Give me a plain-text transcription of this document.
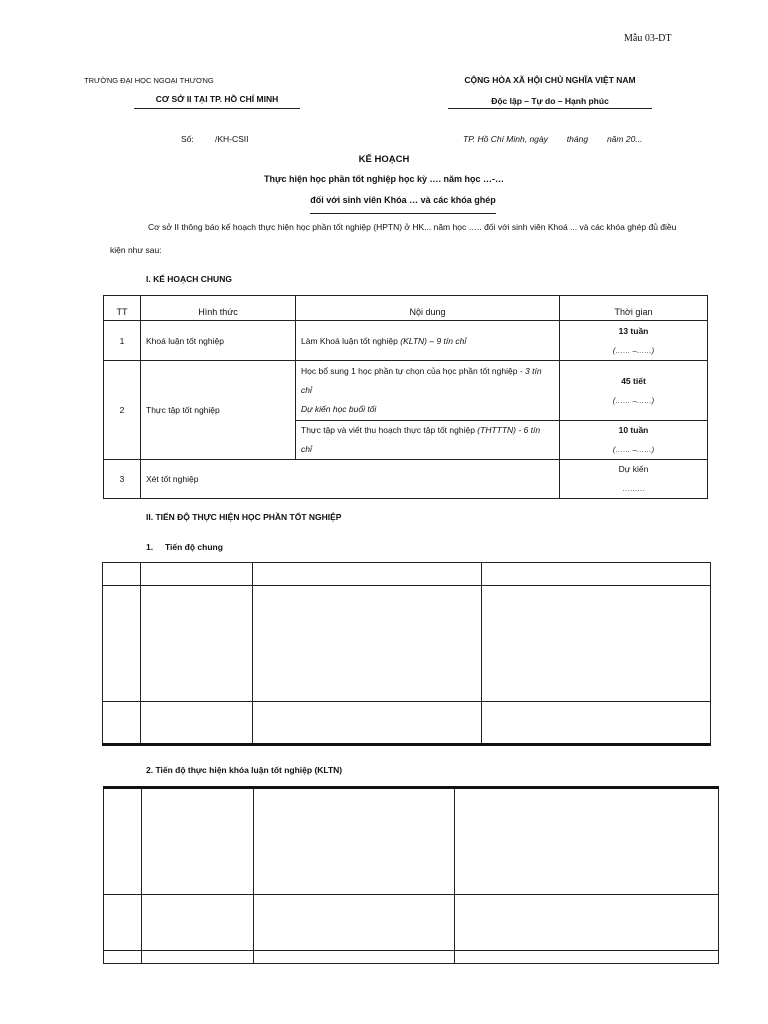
Mẫu 03-DT
TRƯỜNG ĐẠI HỌC NGOẠI THƯƠNG
CƠ SỞ II TẠI TP. HỒ CHÍ MINH
CỘNG HÒA XÃ HỘI CHỦ NGHĨA VIỆT NAM
Độc lập – Tự do – Hạnh phúc
Số: /KH-CSII	TP. Hồ Chí Minh, ngày        tháng        năm 20...
KẾ HOẠCH
Thực hiện học phần tốt nghiệp học kỳ …. năm học …-…
đối với sinh viên Khóa … và các khóa ghép
Cơ sở II thông báo kế hoạch thực hiện học phần tốt nghiệp (HPTN) ở HK... năm học ….. đối với sinh viên Khoá ... và các khóa ghép đủ điều
kiện như sau:
I. KẾ HOẠCH CHUNG
TT	Hình thức	Nội dung	Thời gian
1	Khoá luận tốt nghiệp	Làm Khoá luận tốt nghiệp (KLTN) – 9 tín chỉ	13 tuần
(…… –……)

2	Thực tập tốt nghiệp	Học bổ sung 1 học phần tự chọn của học phần tốt nghiệp - 3 tín
chỉ
Dự kiến học buổi tối	45 tiết
(…… –……)

		Thực tập và viết thu hoạch thực tập tốt nghiệp (THTTTN) - 6 tín
chỉ	10 tuần
(…… –……)

3	Xét tốt nghiệp		Dự kiến
………
II. TIẾN ĐỘ THỰC HIỆN HỌC PHẦN TỐT NGHIỆP
1. Tiến độ chung

2. Tiến độ thực hiện khóa luận tốt nghiệp (KLTN)
